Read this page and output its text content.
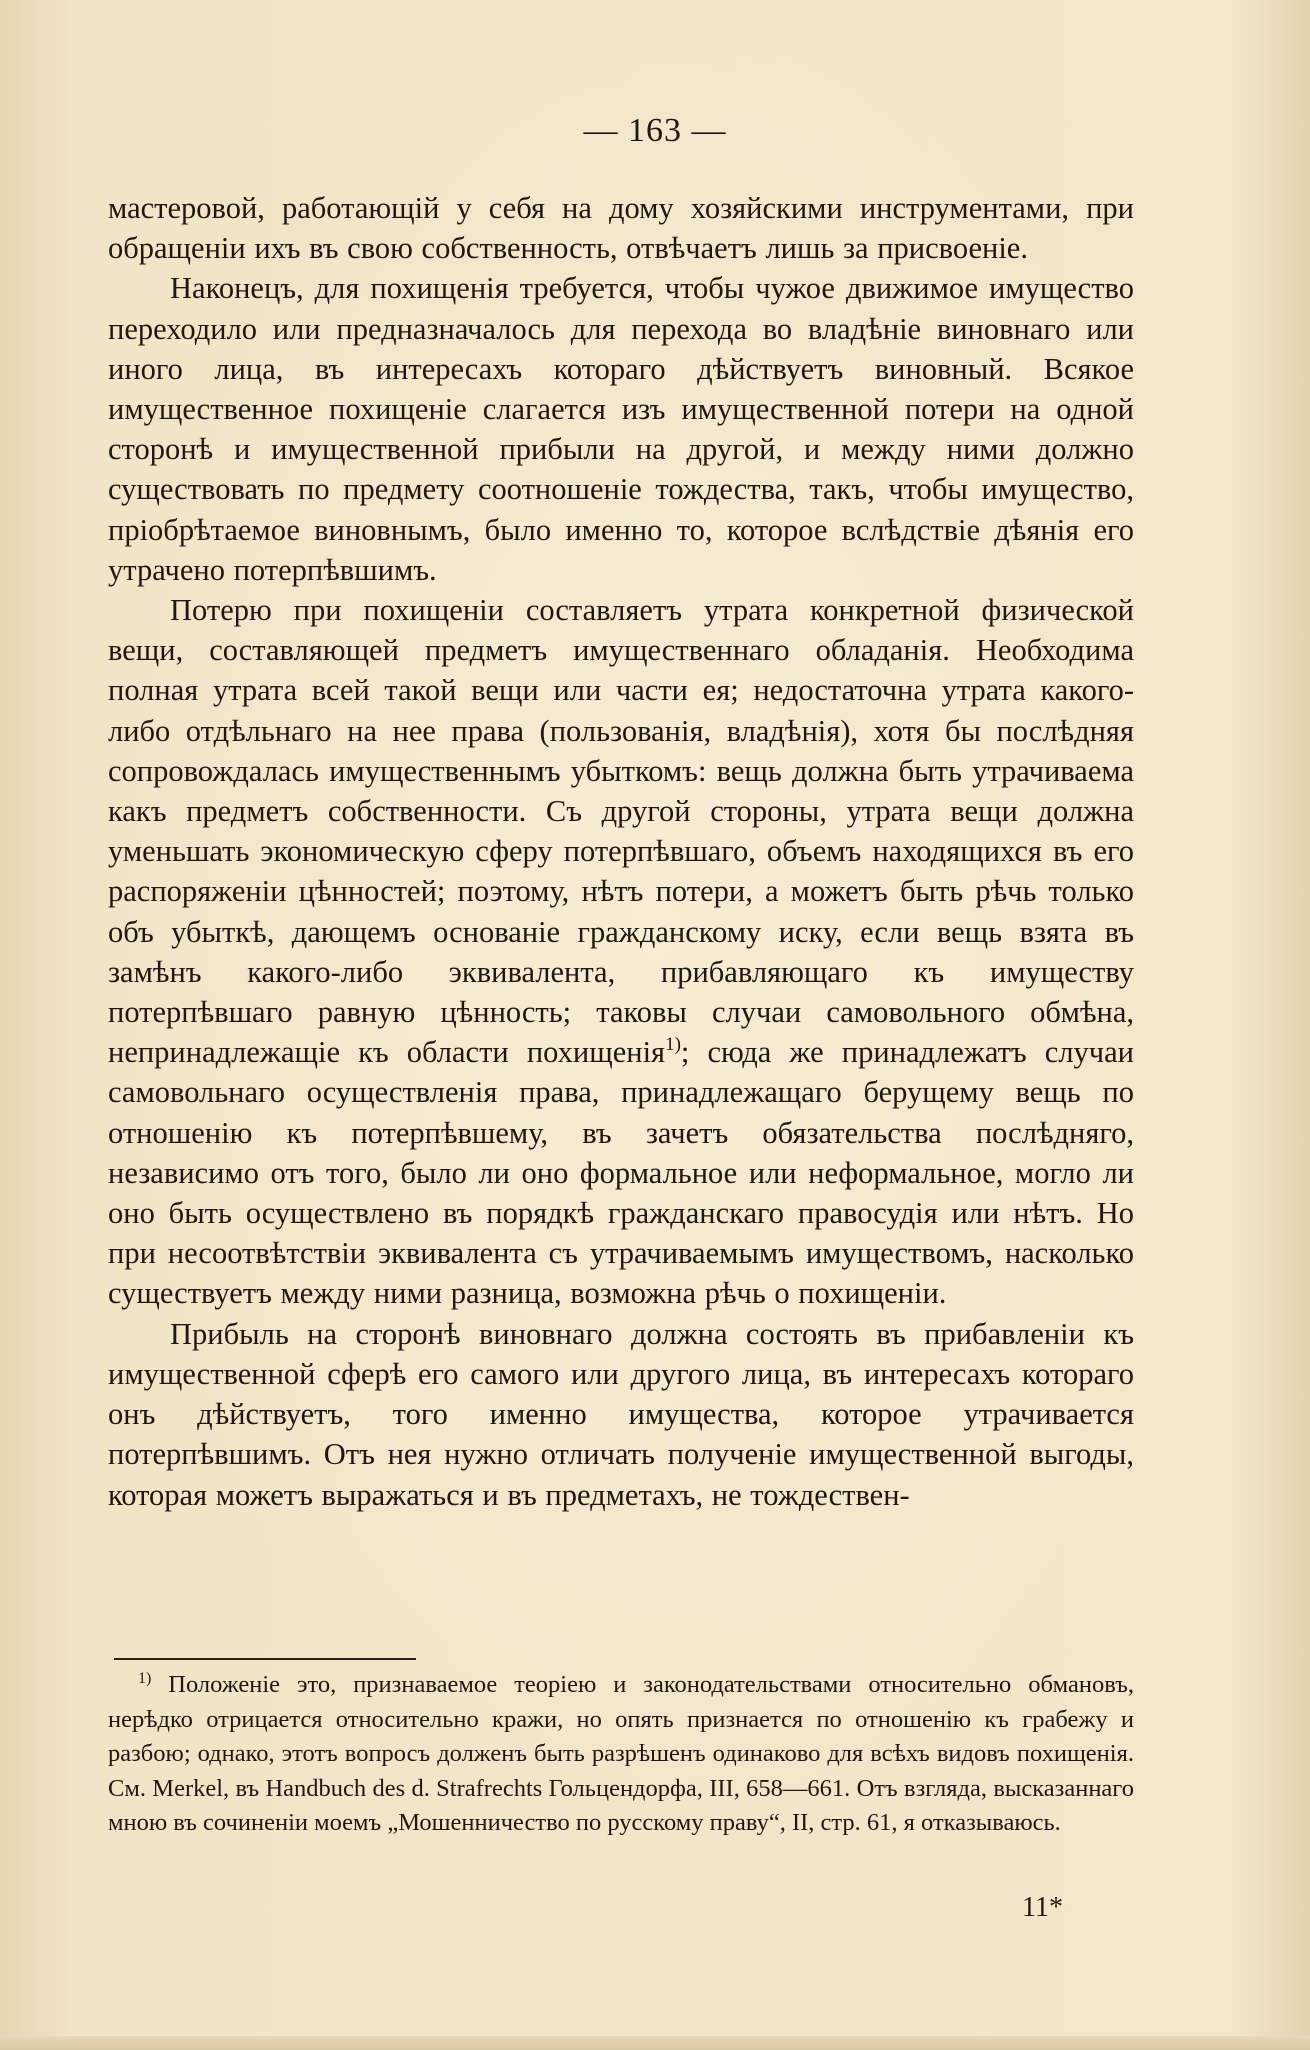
— 163 —

мастеровой, работающій у себя на дому хозяйскими инструментами, при обращеніи ихъ въ свою собственность, отвѣчаетъ лишь за присвоеніе.

Наконецъ, для похищенія требуется, чтобы чужое движимое имущество переходило или предназначалось для перехода во владѣніе виновнаго или иного лица, въ интересахъ котораго дѣйствуетъ виновный. Всякое имущественное похищеніе слагается изъ имущественной потери на одной сторонѣ и имущественной прибыли на другой, и между ними должно существовать по предмету соотношеніе тождества, такъ, чтобы имущество, пріобрѣтаемое виновнымъ, было именно то, которое вслѣдствіе дѣянія его утрачено потерпѣвшимъ.

Потерю при похищеніи составляетъ утрата конкретной физической вещи, составляющей предметъ имущественнаго обладанія. Необходима полная утрата всей такой вещи или части ея; недостаточна утрата какого-либо отдѣльнаго на нее права (пользованія, владѣнія), хотя бы послѣдняя сопровождалась имущественнымъ убыткомъ: вещь должна быть утрачиваема какъ предметъ собственности. Съ другой стороны, утрата вещи должна уменьшать экономическую сферу потерпѣвшаго, объемъ находящихся въ его распоряженіи цѣнностей; поэтому, нѣтъ потери, а можетъ быть рѣчь только объ убыткѣ, дающемъ основаніе гражданскому иску, если вещь взята въ замѣнъ какого-либо эквивалента, прибавляющаго къ имуществу потерпѣвшаго равную цѣнность; таковы случаи самовольного обмѣна, непринадлежащіе къ области похищенія$^{1)}$; сюда же принадлежатъ случаи самовольнаго осуществленія права, принадлежащаго берущему вещь по отношенію къ потерпѣвшему, въ зачетъ обязательства послѣдняго, независимо отъ того, было ли оно формальное или неформальное, могло ли оно быть осуществлено въ порядкѣ гражданскаго правосудія или нѣтъ. Но при несоотвѣтствіи эквивалента съ утрачиваемымъ имуществомъ, насколько существуетъ между ними разница, возможна рѣчь о похищеніи.

Прибыль на сторонѣ виновнаго должна состоять въ прибавленіи къ имущественной сферѣ его самого или другого лица, въ интересахъ котораго онъ дѣйствуетъ, того именно имущества, которое утрачивается потерпѣвшимъ. Отъ нея нужно отличать полученіе имущественной выгоды, которая можетъ выражаться и въ предметахъ, не тождествен-

$^{1)}$ Положеніе это, признаваемое теоріею и законодательствами относительно обмановъ, нерѣдко отрицается относительно кражи, но опять признается по отношенію къ грабежу и разбою; однако, этотъ вопросъ долженъ быть разрѣшенъ одинаково для всѣхъ видовъ похищенія. См. Merkel, въ Handbuch des d. Strafrechts Гольцендорфа, III, 658—661. Отъ взгляда, высказаннаго мною въ сочиненіи моемъ „Мошенничество по русскому праву“, II, стр. 61, я отказываюсь.

11*
